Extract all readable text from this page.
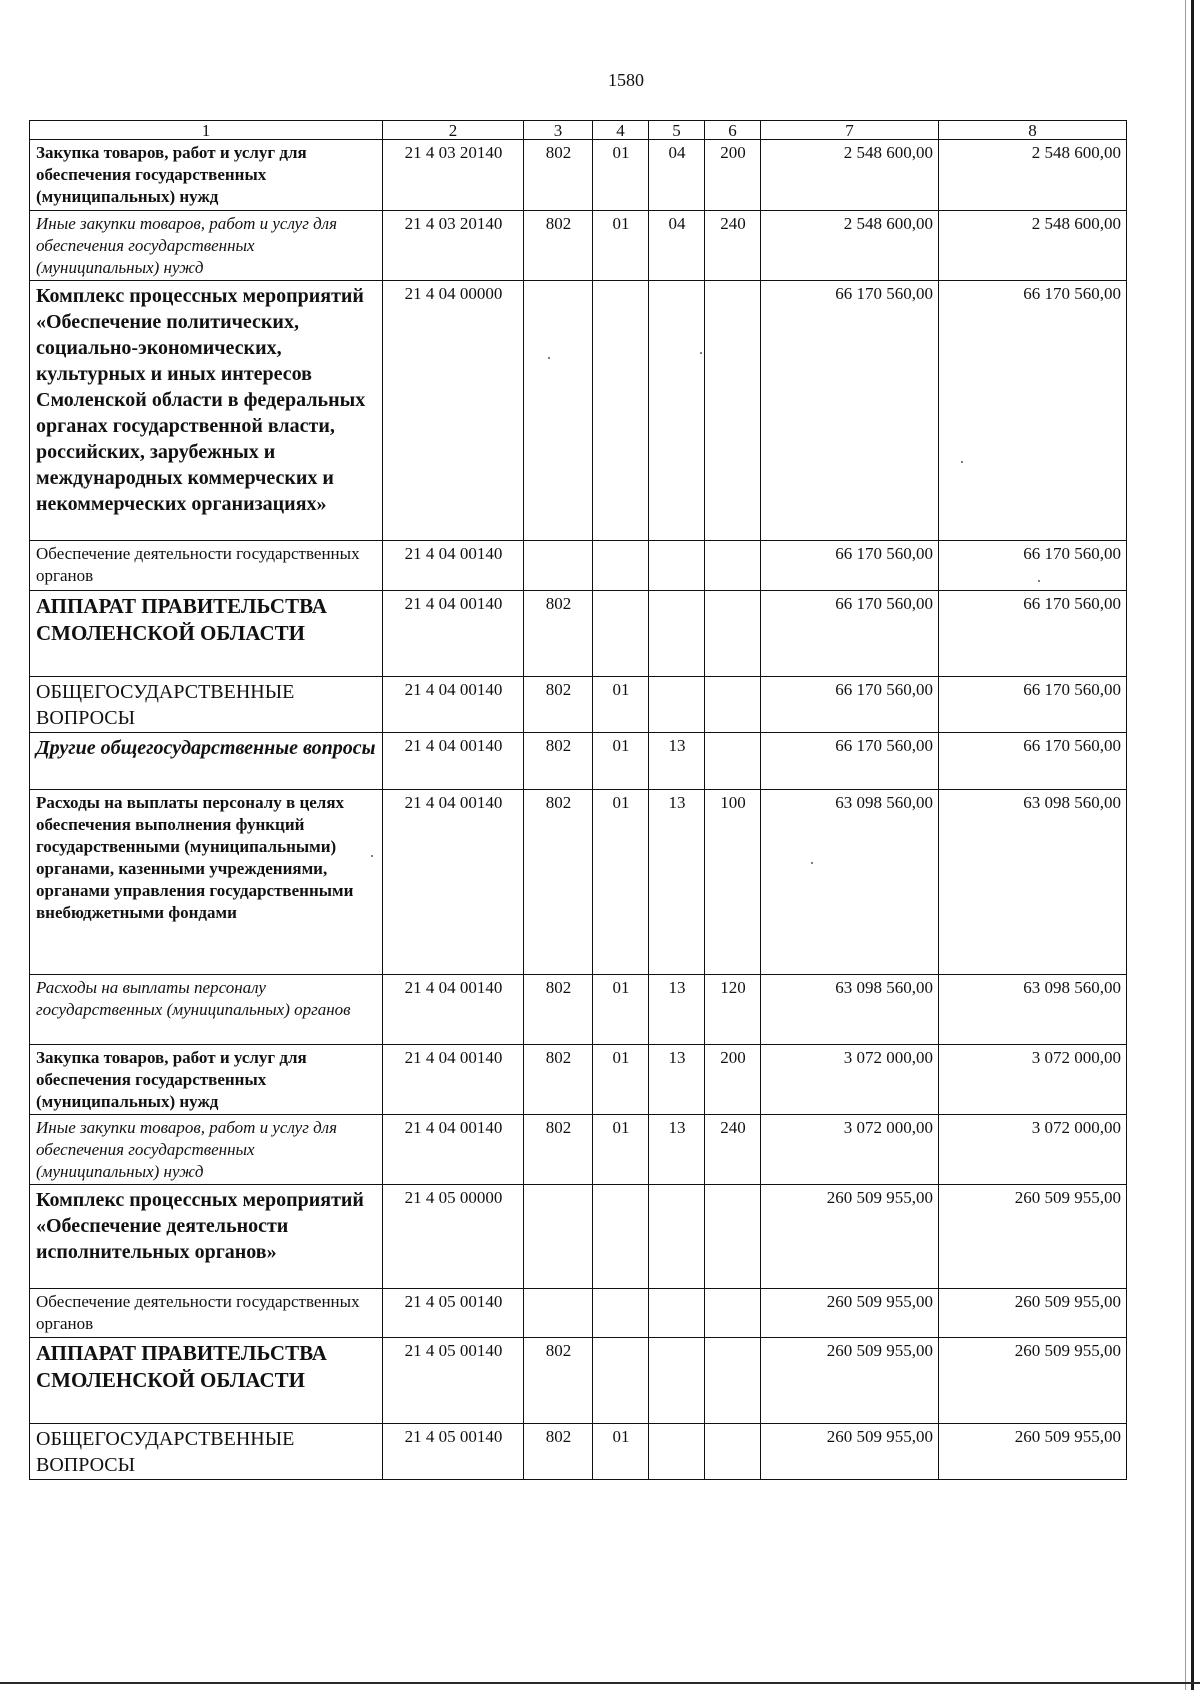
1580
1	2	3	4	5	6	7	8
Закупка товаров, работ и услуг для обеспечения государственных (муниципальных) нужд	21 4 03 20140	802	01	04	200	2 548 600,00	2 548 600,00
Иные закупки товаров, работ и услуг для обеспечения государственных (муниципальных) нужд	21 4 03 20140	802	01	04	240	2 548 600,00	2 548 600,00
Комплекс процессных мероприятий «Обеспечение политических, социально-экономических, культурных и иных интересов Смоленской области в федеральных органах государственной власти, российских, зарубежных и международных коммерческих и некоммерческих организациях»	21 4 04 00000					66 170 560,00	66 170 560,00
Обеспечение деятельности государственных органов	21 4 04 00140					66 170 560,00	66 170 560,00
АППАРАТ ПРАВИТЕЛЬСТВА СМОЛЕНСКОЙ ОБЛАСТИ	21 4 04 00140	802				66 170 560,00	66 170 560,00
ОБЩЕГОСУДАРСТВЕННЫЕ ВОПРОСЫ	21 4 04 00140	802	01			66 170 560,00	66 170 560,00
Другие общегосударственные вопросы	21 4 04 00140	802	01	13		66 170 560,00	66 170 560,00
Расходы на выплаты персоналу в целях обеспечения выполнения функций государственными (муниципальными) органами, казенными учреждениями, органами управления государственными внебюджетными фондами	21 4 04 00140	802	01	13	100	63 098 560,00	63 098 560,00
Расходы на выплаты персоналу государственных (муниципальных) органов	21 4 04 00140	802	01	13	120	63 098 560,00	63 098 560,00
Закупка товаров, работ и услуг для обеспечения государственных (муниципальных) нужд	21 4 04 00140	802	01	13	200	3 072 000,00	3 072 000,00
Иные закупки товаров, работ и услуг для обеспечения государственных (муниципальных) нужд	21 4 04 00140	802	01	13	240	3 072 000,00	3 072 000,00
Комплекс процессных мероприятий «Обеспечение деятельности исполнительных органов»	21 4 05 00000					260 509 955,00	260 509 955,00
Обеспечение деятельности государственных органов	21 4 05 00140					260 509 955,00	260 509 955,00
АППАРАТ ПРАВИТЕЛЬСТВА СМОЛЕНСКОЙ ОБЛАСТИ	21 4 05 00140	802				260 509 955,00	260 509 955,00
ОБЩЕГОСУДАРСТВЕННЫЕ ВОПРОСЫ	21 4 05 00140	802	01			260 509 955,00	260 509 955,00
